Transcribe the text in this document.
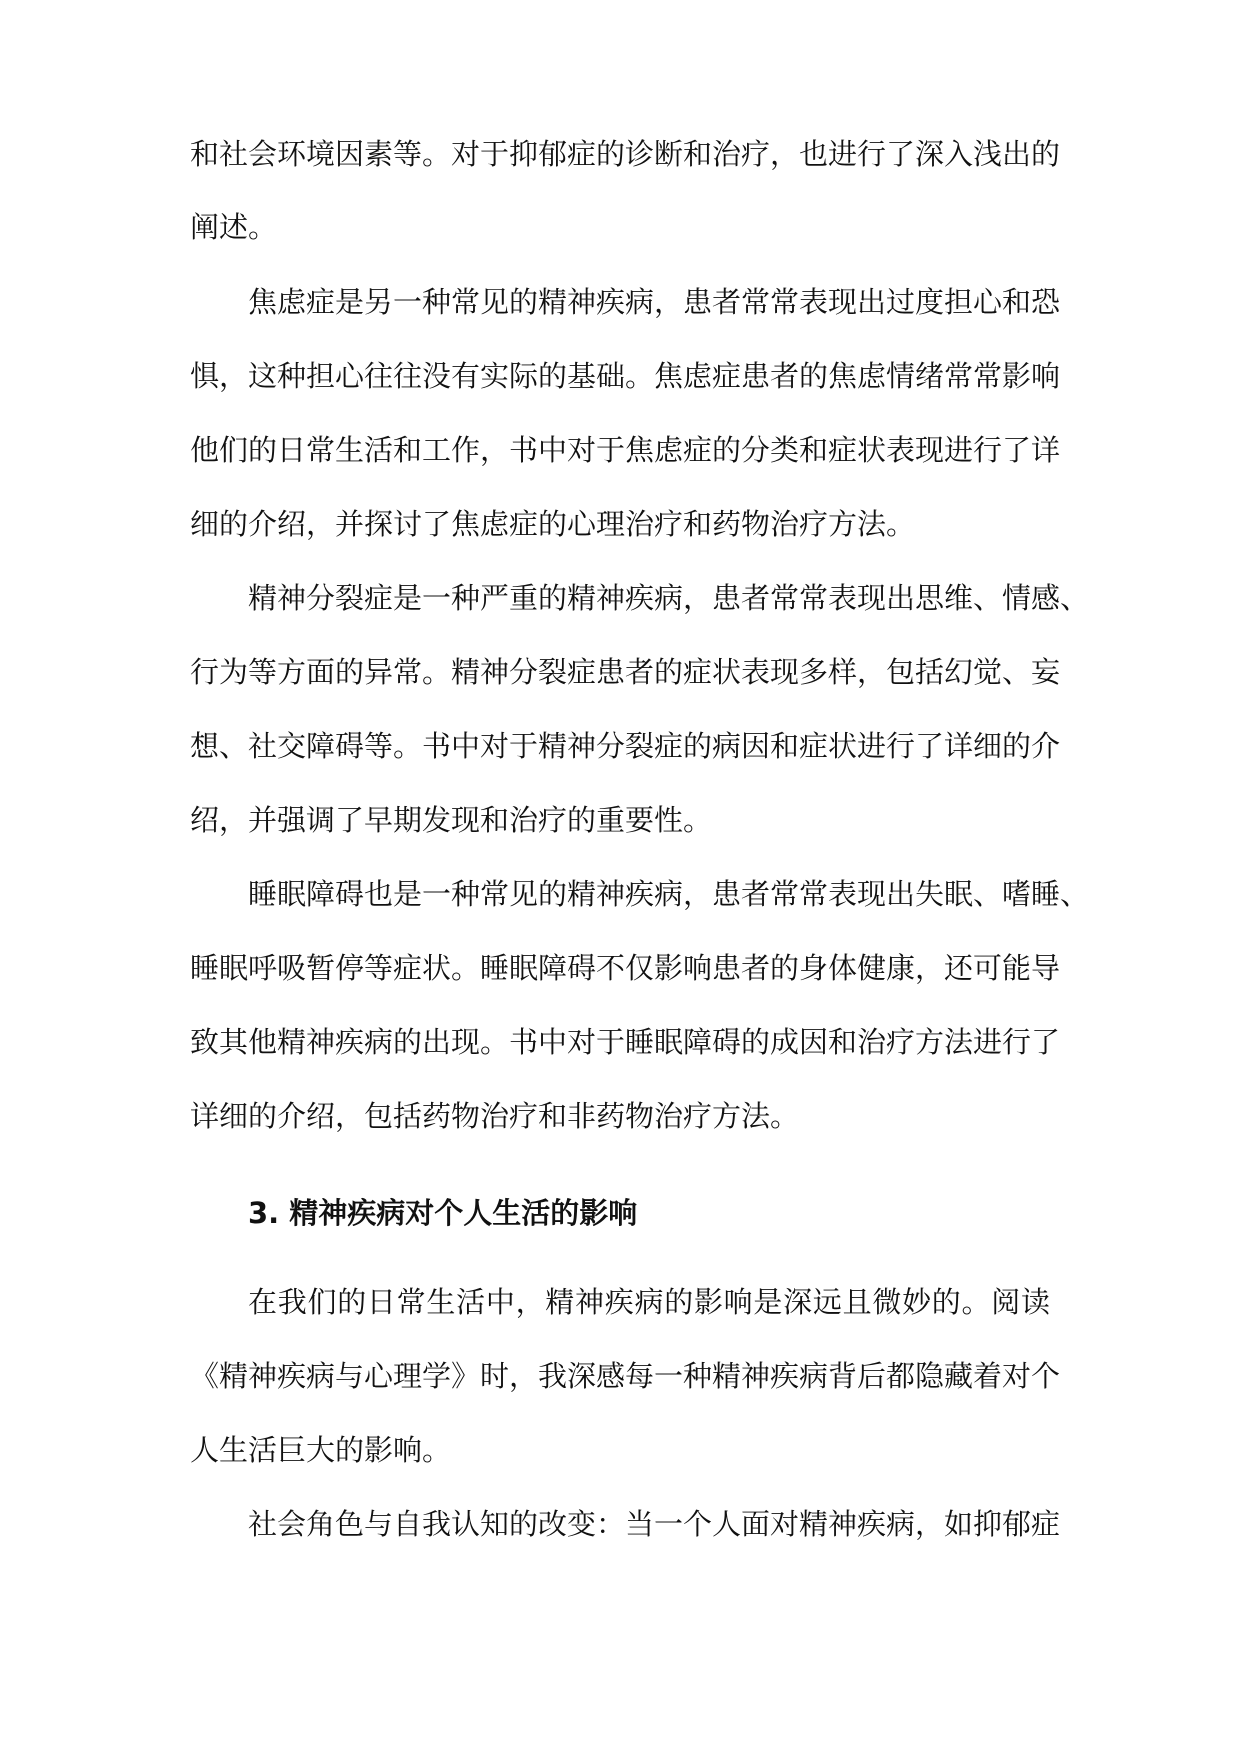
和社会环境因素等。对于抑郁症的诊断和治疗，也进行了深入浅出的
阐述。
焦虑症是另一种常见的精神疾病，患者常常表现出过度担心和恐
惧，这种担心往往没有实际的基础。焦虑症患者的焦虑情绪常常影响
他们的日常生活和工作，书中对于焦虑症的分类和症状表现进行了详
细的介绍，并探讨了焦虑症的心理治疗和药物治疗方法。
精神分裂症是一种严重的精神疾病，患者常常表现出思维、情感、
行为等方面的异常。精神分裂症患者的症状表现多样，包括幻觉、妄
想、社交障碍等。书中对于精神分裂症的病因和症状进行了详细的介
绍，并强调了早期发现和治疗的重要性。
睡眠障碍也是一种常见的精神疾病，患者常常表现出失眠、嗜睡、
睡眠呼吸暂停等症状。睡眠障碍不仅影响患者的身体健康，还可能导
致其他精神疾病的出现。书中对于睡眠障碍的成因和治疗方法进行了
详细的介绍，包括药物治疗和非药物治疗方法。
3. 精神疾病对个人生活的影响
在我们的日常生活中，精神疾病的影响是深远且微妙的。阅读
《精神疾病与心理学》时，我深感每一种精神疾病背后都隐藏着对个
人生活巨大的影响。
社会角色与自我认知的改变：当一个人面对精神疾病，如抑郁症
